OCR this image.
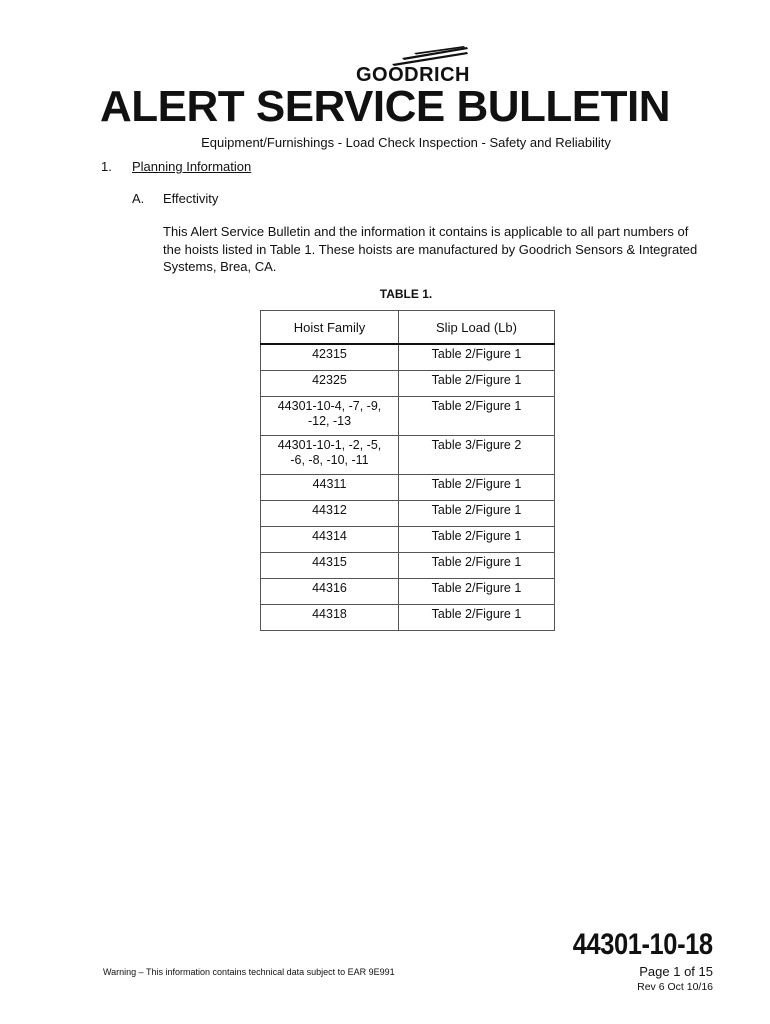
GOODRICH
ALERT SERVICE BULLETIN
Equipment/Furnishings - Load Check Inspection - Safety and Reliability
1. Planning Information
A. Effectivity
This Alert Service Bulletin and the information it contains is applicable to all part numbers of the hoists listed in Table 1. These hoists are manufactured by Goodrich Sensors & Integrated Systems, Brea, CA.
TABLE 1.
Hoist Family	Slip Load (Lb)

42315	Table 2/Figure 1

42325	Table 2/Figure 1

44301-10-4, -7, -9,
-12, -13	Table 2/Figure 1

44301-10-1, -2, -5,
-6, -8, -10, -11	Table 3/Figure 2

44311	Table 2/Figure 1

44312	Table 2/Figure 1

44314	Table 2/Figure 1

44315	Table 2/Figure 1

44316	Table 2/Figure 1

44318	Table 2/Figure 1
Warning – This information contains technical data subject to EAR 9E991
44301-10-18
Page 1 of 15
Rev 6 Oct 10/16
